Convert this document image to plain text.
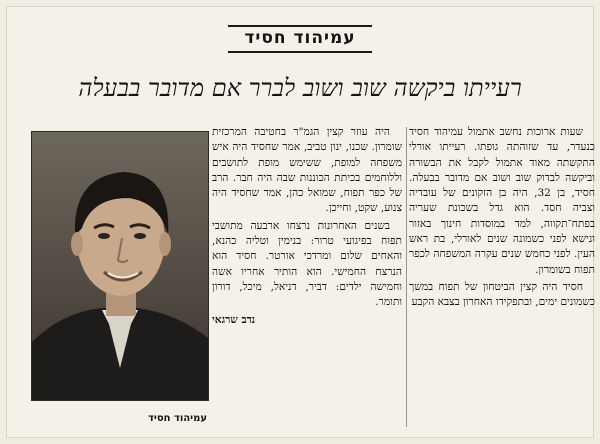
עמיהוד חסיד
רעייתו ביקשה שוב ושוב לברר אם מדובר בבעלה

שעות ארוכות נחשב אתמול עמיהוד חסיד כנעדר, עד שזוהתה גופתו. רעייתו אורלי התקשתה מאוד אתמול לקבל את הבשורה וביקשה לבדוק שוב ושוב אם מדובר בבעלה. חסיד, בן 32, היה בן הזקונים של עובדיה וצביה חסד. הוא גדל בשכונת שעריה בפתח־תקווה, למד במוסדות חינוך באזור ונישא לפני כשמונה שנים לאורלי, בת ראש העין. לפני כחמש שנים עקרה המשפחה לכפר תפוח בשומרון.

חסיד היה קצין הביטחון של תפוח במשך כשמונים ימים, ובתפקידו האחרון בצבא הקבע

היה עוזר קצין הגמ"ר בחטיבה המרכזית שומרון. שכנו, ינון טביב, אמר שחסיד היה איש משפחה למופת, ששימש מופת לתושבים וללוחמים בכיתת הכוננות שבה היה חבר. הרב של כפר תפוח, שמואל כהן, אמר שחסיד היה צנוע, שקט, וחייכן.

בשנים האחרונות נרצחו ארבעה מתושבי תפוח בפיגועי טרור: בנימין וטליה כהנא, והאחים שלום ומרדכי אורטר. חסיד הוא הנרצח החמישי. הוא הותיר אחריו אשה וחמישה ילדים: דביר, דניאל, מיכל, דורון ותומר.

נדב שרגאי
עמיהוד חסיד
